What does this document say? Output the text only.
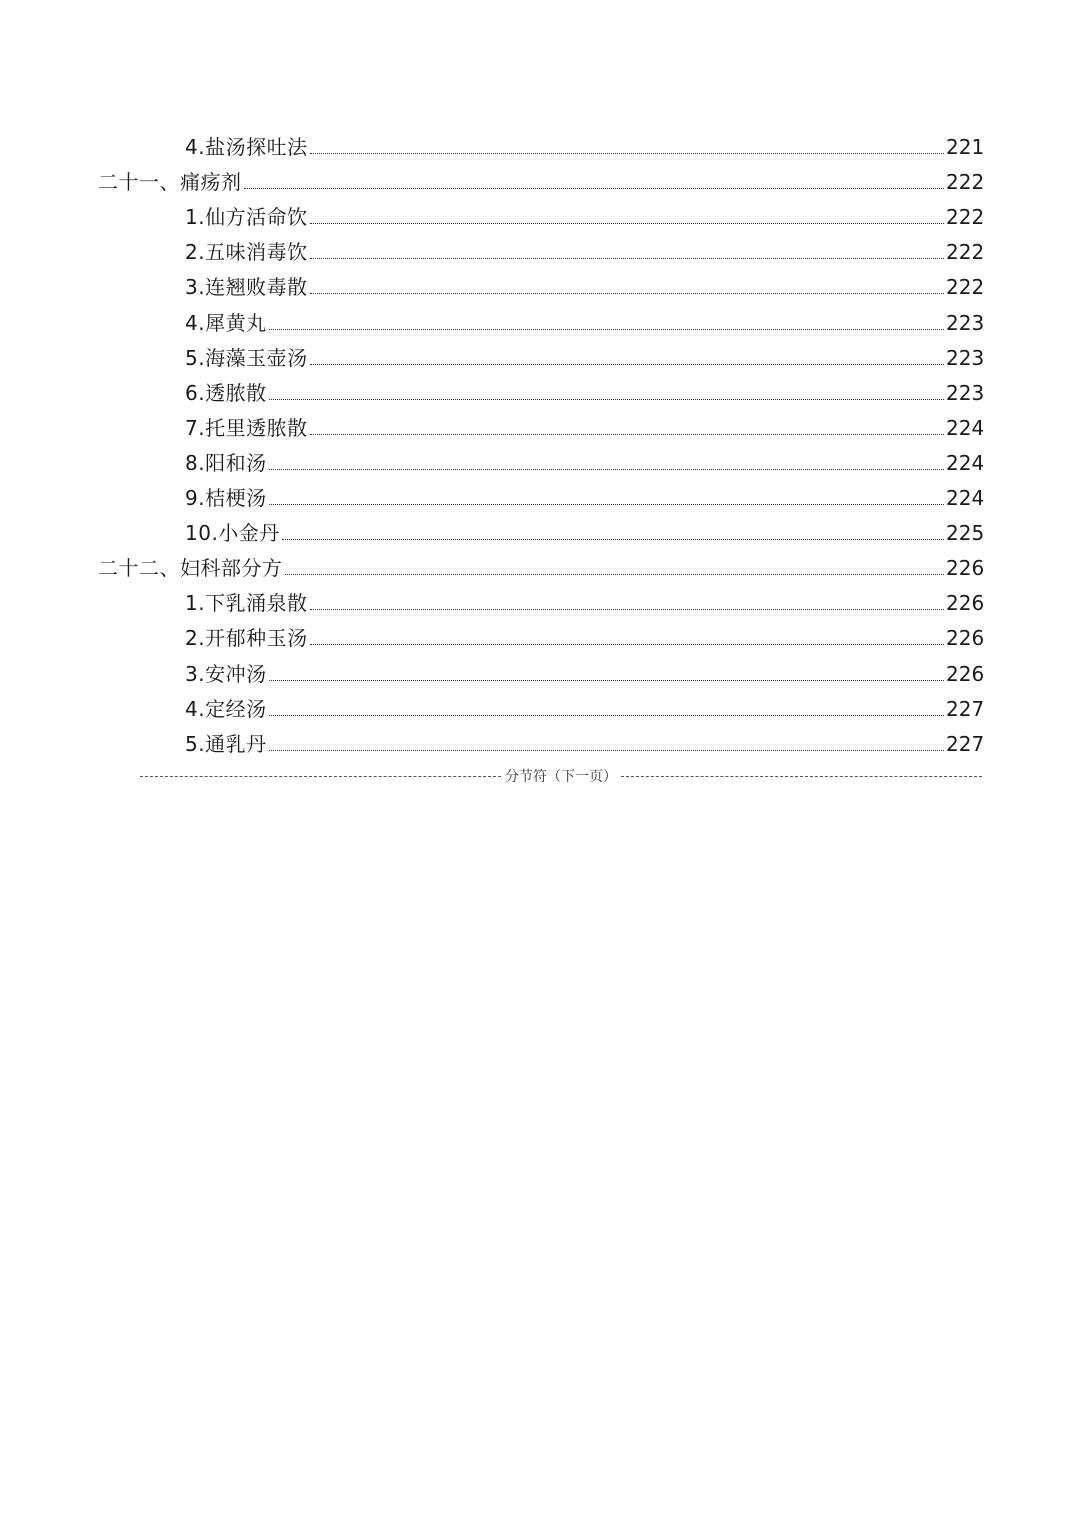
4.盐汤探吐法	221
二十一、痛疡剂	222
1.仙方活命饮	222
2.五味消毒饮	222
3.连翘败毒散	222
4.犀黄丸	223
5.海藻玉壶汤	223
6.透脓散	223
7.托里透脓散	224
8.阳和汤	224
9.桔梗汤	224
10.小金丹	225
二十二、妇科部分方	226
1.下乳涌泉散	226
2.开郁种玉汤	226
3.安冲汤	226
4.定经汤	227
5.通乳丹	227
分节符（下一页）
